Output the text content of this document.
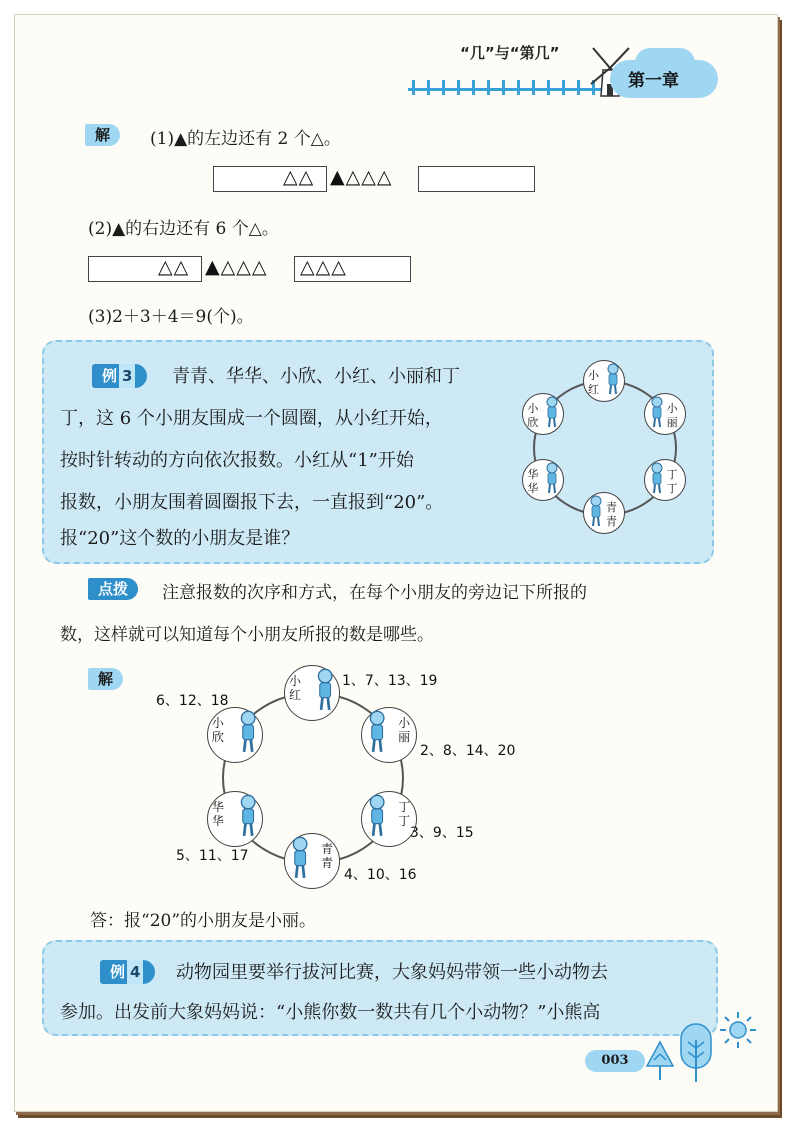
“几”与“第几”
第一章
解	(1)▲的左边还有 2 个△。
△△ ▲△△△
(2)▲的右边还有 6 个△。
△△ ▲△△△ △△△
(3)2＋3＋4＝9(个)。
例 3	青青、华华、小欣、小红、小丽和丁
丁，这 6 个小朋友围成一个圆圈，从小红开始，
按时针转动的方向依次报数。小红从“1”开始
报数，小朋友围着圆圈报下去，一直报到“20”。
报“20”这个数的小朋友是谁？
小红
小丽
丁丁
青青
华华
小欣
点拨	注意报数的次序和方式，在每个小朋友的旁边记下所报的
数，这样就可以知道每个小朋友所报的数是哪些。
解	小红
小丽
丁丁
青青
华华
小欣
1、7、13、19
2、8、14、20
3、9、15
4、10、16
5、11、17
6、12、18
答：报“20”的小朋友是小丽。
例 4	动物园里要举行拔河比赛，大象妈妈带领一些小动物去
参加。出发前大象妈妈说：“小熊你数一数共有几个小动物？”小熊高
003
